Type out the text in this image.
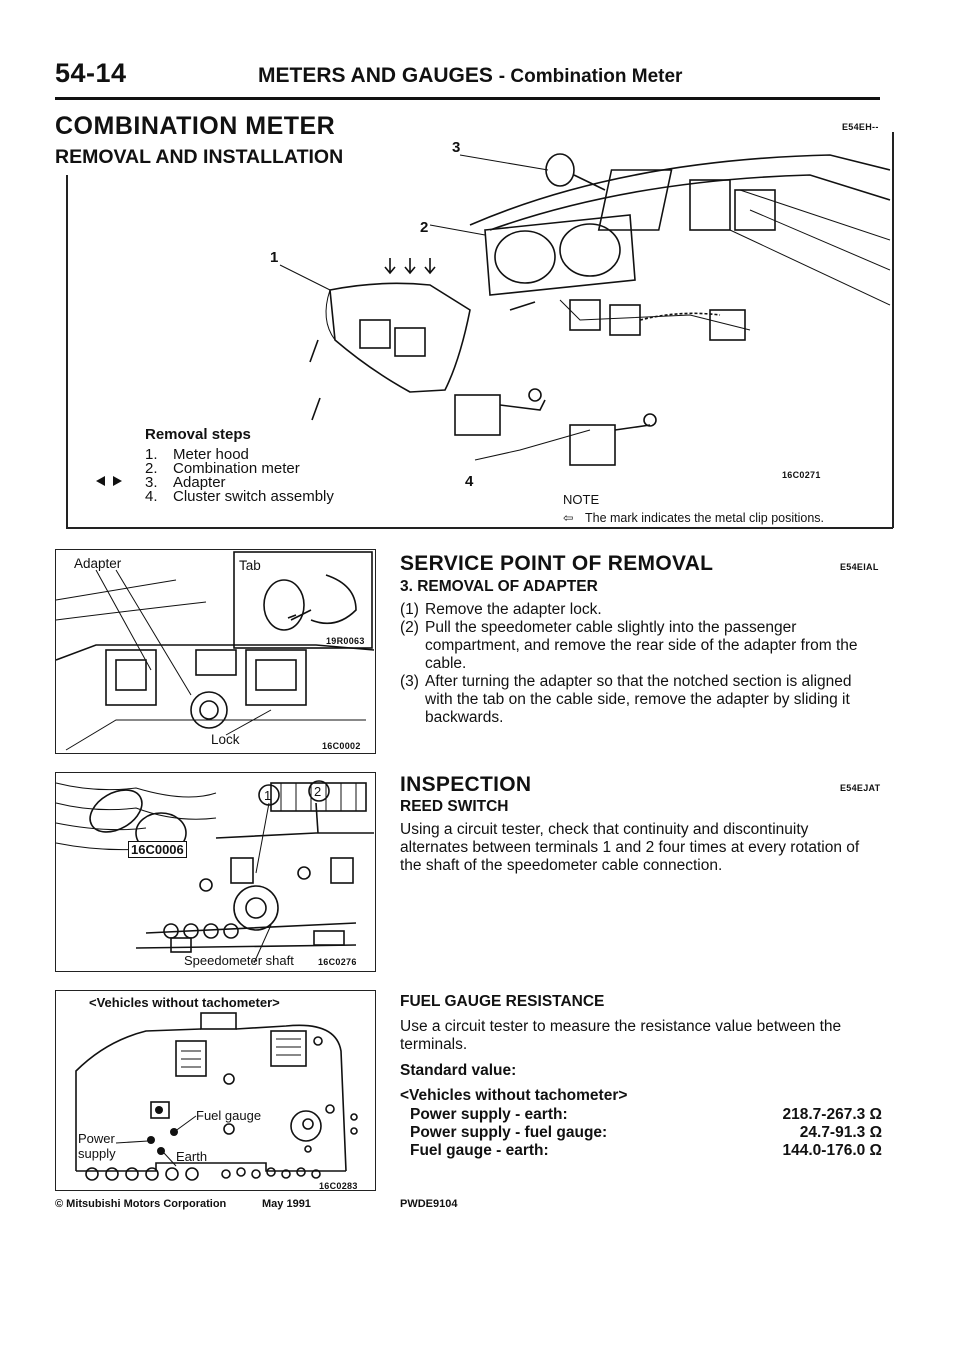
54-14	METERS AND GAUGES - Combination Meter
COMBINATION METER	E54EH--
REMOVAL AND INSTALLATION
1
2
3
4	16C0271
Removal steps
1. Meter hood
2. Combination meter
3. Adapter
4. Cluster switch assembly	NOTE
⇦ The mark indicates the metal clip positions.
Adapter	Tab
19R0063
Lock	16C0002
1	2
16C0006
Speedometer shaft	16C0276
<Vehicles without tachometer>
Fuel gauge
Power
supply	Earth
16C0283
SERVICE POINT OF REMOVAL	E54EIAL
3. REMOVAL OF ADAPTER
(1) Remove the adapter lock.
(2) Pull the speedometer cable slightly into the passenger compartment, and remove the rear side of the adapter from the cable.
(3) After turning the adapter so that the notched section is aligned with the tab on the cable side, remove the adapter by sliding it backwards.
INSPECTION	E54EJAT
REED SWITCH
Using a circuit tester, check that continuity and discontinuity alternates between terminals 1 and 2 four times at every rotation of the shaft of the speedometer cable connection.
FUEL GAUGE RESISTANCE
Use a circuit tester to measure the resistance value between the terminals.
Standard value:
<Vehicles without tachometer>
Power supply - earth:	218.7-267.3 Ω
Power supply - fuel gauge:	24.7-91.3 Ω
Fuel gauge - earth:	144.0-176.0 Ω
© Mitsubishi Motors Corporation	May 1991	PWDE9104
